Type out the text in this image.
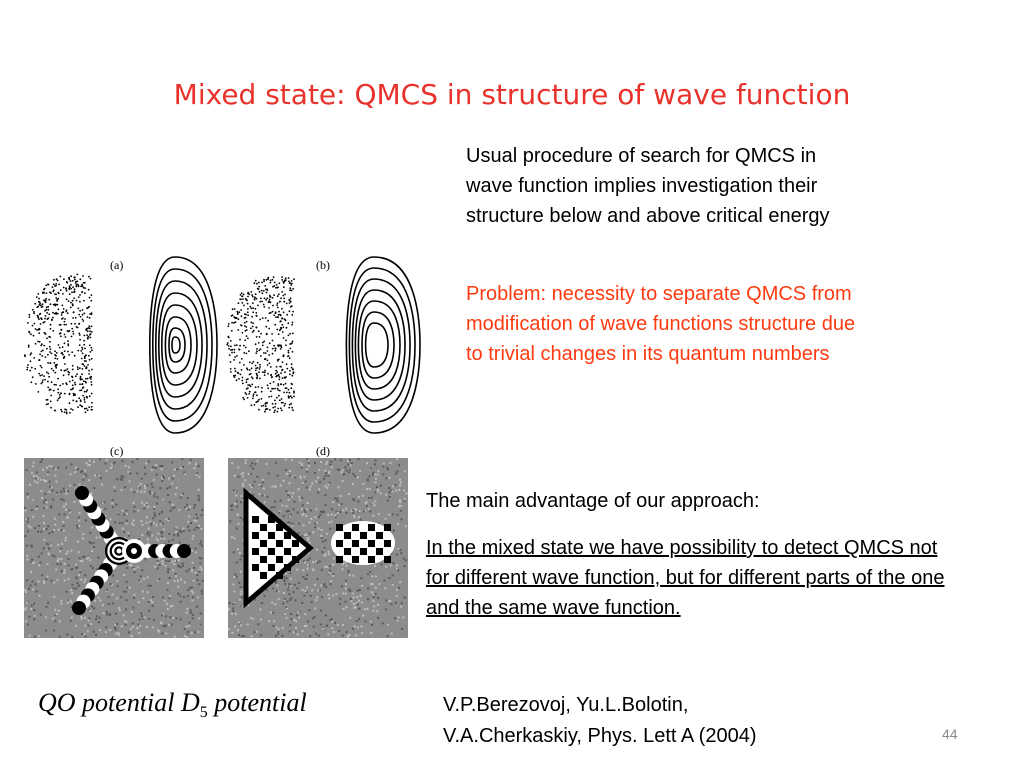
Mixed state: QMCS in structure of wave function
(a)	(b)
(c)	(d)

Usual procedure of search for QMCS in wave function implies investigation their structure below and above critical energy

Problem: necessity to separate QMCS from modification of wave functions structure due to trivial changes in its quantum numbers

The main advantage of our approach:

In the mixed state we have possibility to detect QMCS not for different wave function, but for different parts of the one and the same wave function.

QO potential $D_5$ potential	V.P.Berezovoj, Yu.L.Bolotin,
V.A.Cherkaskiy, Phys. Lett A (2004)	44
